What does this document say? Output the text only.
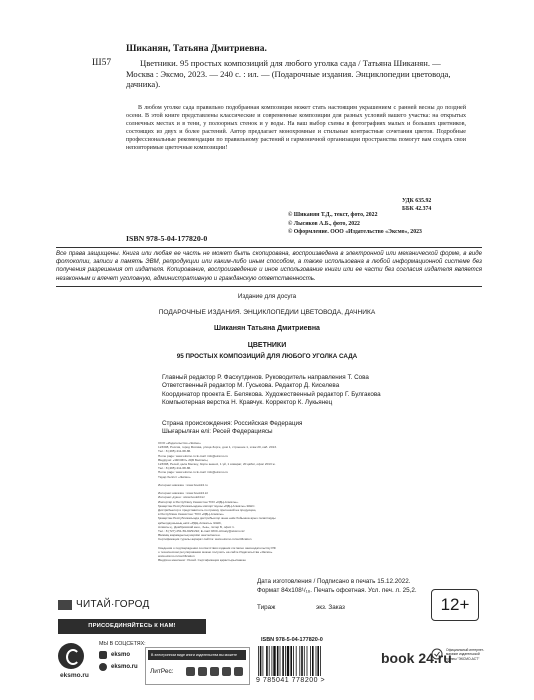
Ш57
Шиканян, Татьяна Дмитриевна.
Цветники. 95 простых композиций для любого уголка сада / Татьяна Шиканян. — Москва : Эксмо, 2023. — 240 с. : ил. — (Подарочные издания. Энциклопедии цветовода, дачника).
В любом уголке сада правильно подобранная композиция может стать настоящим украшением с ранней весны до поздней осени. В этой книге представлены классические и современные композиции для разных условий вашего участка: на открытых солнечных местах и в тени, у полоорных стенок и у воды. На ваш выбор схемы в фотографиях малых и больших цветников, состоящих из двух и более растений. Автор предлагает монохромные и стильные контрастные сочетания цветов. Подробные профессиональные рекомендации по правильному растений и гармоничной организации пространства помогут вам создать свои неповторимые цветочные композиции!
УДК 635.92
ББК 42.374
ISBN 978-5-04-177820-0
© Шиканян Т.Д., текст, фото, 2022
© Лысиков А.Б., фото, 2022
© Оформление. ООО «Издательство «Эксмо», 2023
Все права защищены. Книга или любая ее часть не может быть скопирована, воспроизведена в электронной или механической форме, в виде фотокопии, записи в память ЭВМ, репродукции или каким-либо иным способом, а также использована в любой информационной системе без получения разрешения от издателя. Копирование, воспроизведение и иное использование книги или ее части без согласия издателя является незаконным и влечет уголовную, административную и гражданскую ответственность.
Издание для досуга
ПОДАРОЧНЫЕ ИЗДАНИЯ. ЭНЦИКЛОПЕДИИ ЦВЕТОВОДА, ДАЧНИКА
Шиканян Татьяна Дмитриевна
ЦВЕТНИКИ
95 ПРОСТЫХ КОМПОЗИЦИЙ ДЛЯ ЛЮБОГО УГОЛКА САДА
Главный редактор Р. Фасхутдинов. Руководитель направления Т. Сова
Ответственный редактор М. Гуськова. Редактор Д. Киселева
Координатор проекта Е. Белякова. Художественный редактор Г. Булгакова
Компьютерная верстка Н. Кравчук. Корректор К. Лукьянец
Страна происхождения: Российская Федерация
Шығарылған елі: Ресей Федерациясы
ООО «Издательство «Эксмо»
123308, Россия, город Москва, улица Зорге, дом 1, строение 1, этаж 20, каб. 2013.
Тел.: 8 (495) 411-68-86.
Home page: www.eksmo.ru E-mail: info@eksmo.ru
Өндіруші: «ЭКСМО» АҚБ Баспасы,
123308, Ресей, қала Мәскеу, Зорге көшесі, 1 үй, 1 ғимарат, 20 қабат, офис 2013 ж.
Тел.: 8 (495) 411-68-86.
Home page: www.eksmo.ru E-mail: info@eksmo.ru
Тауар белгісі: «Эксмо»
Интернет-магазин : www.book24.ru
Интернет-магазин : www.book24.kz
Интернет-дүкен : www.book24.kz
Импортёр в Республику Казахстан ТОО «РДЦ-Алматы».
Қазақстан Республикасындағы импорттаушы «РДЦ-Алматы» ЖШС.
Дистрибьютор и представитель по приему претензий на продукцию,
в Республике Казахстан: ТОО «РДЦ-Алматы»
Қазақстан Республикасында дистрибьютор және өнім бойынша арыз-талаптарды
қабылдаушының өкілі «РДЦ-Алматы» ЖШС,
Алматы қ., Домбровский көш., 3«а», литер Б, офис 1.
Тел.: 8 (727) 251-59-90/91/92; E-mail: RDC-Almaty@eksmo.kz
Өнімнің жарамдылық мерзімі шектелмеген.
Сертификация туралы ақпарат сайтта: www.eksmo.ru/certification
Сведения о подтверждении соответствия издания согласно законодательству РФ
о техническом регулировании можно получить на сайте Издательства «Эксмо»
www.eksmo.ru/certification
Өндірген мемлекет: Ресей. Сертификация қарастырылмаған
Дата изготовления / Подписано в печать 15.12.2022.
Формат 84x108¹/₁₆. Печать офсетная. Усл. печ. л. 25,2.
Тираж	экз. Заказ
ЧИТАЙ·ГОРОД
ПРИСОЕДИНЯЙТЕСЬ К НАМ!
eksmo.ru
МЫ В СОЦСЕТЯХ:
eksmo
eksmo.ru
12+
В электронном виде книги издательства вы можете купить на www.litres.ru
ЛитРес:
ISBN 978-5-04-177820-0
9 785041 778200 >
book 24.ru
Официальный интернет-магазин издательской группы "ЭКСМО-АСТ"
